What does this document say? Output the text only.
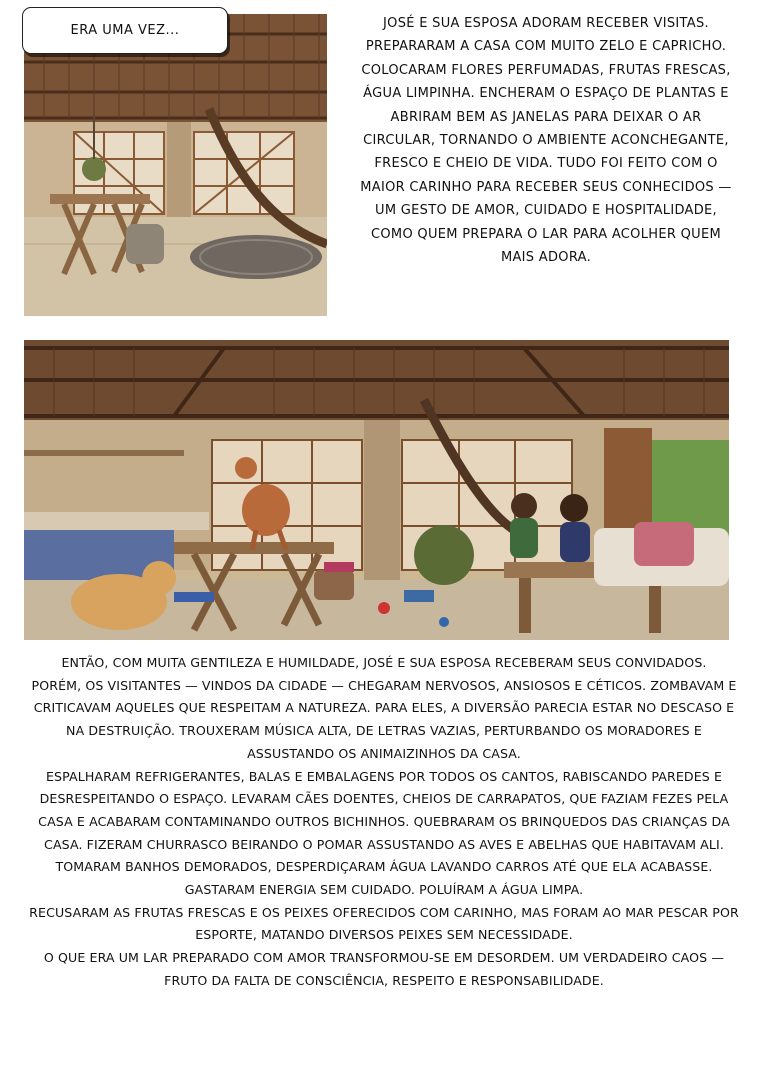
ERA UMA VEZ...	JOSÉ E SUA ESPOSA ADORAM RECEBER VISITAS. PREPARARAM A CASA COM MUITO ZELO E CAPRICHO. COLOCARAM FLORES PERFUMADAS, FRUTAS FRESCAS, ÁGUA LIMPINHA. ENCHERAM O ESPAÇO DE PLANTAS E ABRIRAM BEM AS JANELAS PARA DEIXAR O AR CIRCULAR, TORNANDO O AMBIENTE ACONCHEGANTE, FRESCO E CHEIO DE VIDA. TUDO FOI FEITO COM O MAIOR CARINHO PARA RECEBER SEUS CONHECIDOS — UM GESTO DE AMOR, CUIDADO E HOSPITALIDADE, COMO QUEM PREPARA O LAR PARA ACOLHER QUEM MAIS ADORA.

ENTÃO, COM MUITA GENTILEZA E HUMILDADE, JOSÉ E SUA ESPOSA RECEBERAM SEUS CONVIDADOS.

PORÉM, OS VISITANTES — VINDOS DA CIDADE — CHEGARAM NERVOSOS, ANSIOSOS E CÉTICOS. ZOMBAVAM E CRITICAVAM AQUELES QUE RESPEITAM A NATUREZA. PARA ELES, A DIVERSÃO PARECIA ESTAR NO DESCASO E NA DESTRUIÇÃO. TROUXERAM MÚSICA ALTA, DE LETRAS VAZIAS, PERTURBANDO OS MORADORES E ASSUSTANDO OS ANIMAIZINHOS DA CASA.

ESPALHARAM REFRIGERANTES, BALAS E EMBALAGENS POR TODOS OS CANTOS, RABISCANDO PAREDES E DESRESPEITANDO O ESPAÇO. LEVARAM CÃES DOENTES, CHEIOS DE CARRAPATOS, QUE FAZIAM FEZES PELA CASA E ACABARAM CONTAMINANDO OUTROS BICHINHOS. QUEBRARAM OS BRINQUEDOS DAS CRIANÇAS DA CASA. FIZERAM CHURRASCO BEIRANDO O POMAR ASSUSTANDO AS AVES E ABELHAS QUE HABITAVAM ALI.

TOMARAM BANHOS DEMORADOS, DESPERDIÇARAM ÁGUA LAVANDO CARROS ATÉ QUE ELA ACABASSE. GASTARAM ENERGIA SEM CUIDADO. POLUÍRAM A ÁGUA LIMPA.

RECUSARAM AS FRUTAS FRESCAS E OS PEIXES OFERECIDOS COM CARINHO, MAS FORAM AO MAR PESCAR POR ESPORTE, MATANDO DIVERSOS PEIXES SEM NECESSIDADE.

O QUE ERA UM LAR PREPARADO COM AMOR TRANSFORMOU-SE EM DESORDEM. UM VERDADEIRO CAOS — FRUTO DA FALTA DE CONSCIÊNCIA, RESPEITO E RESPONSABILIDADE.
